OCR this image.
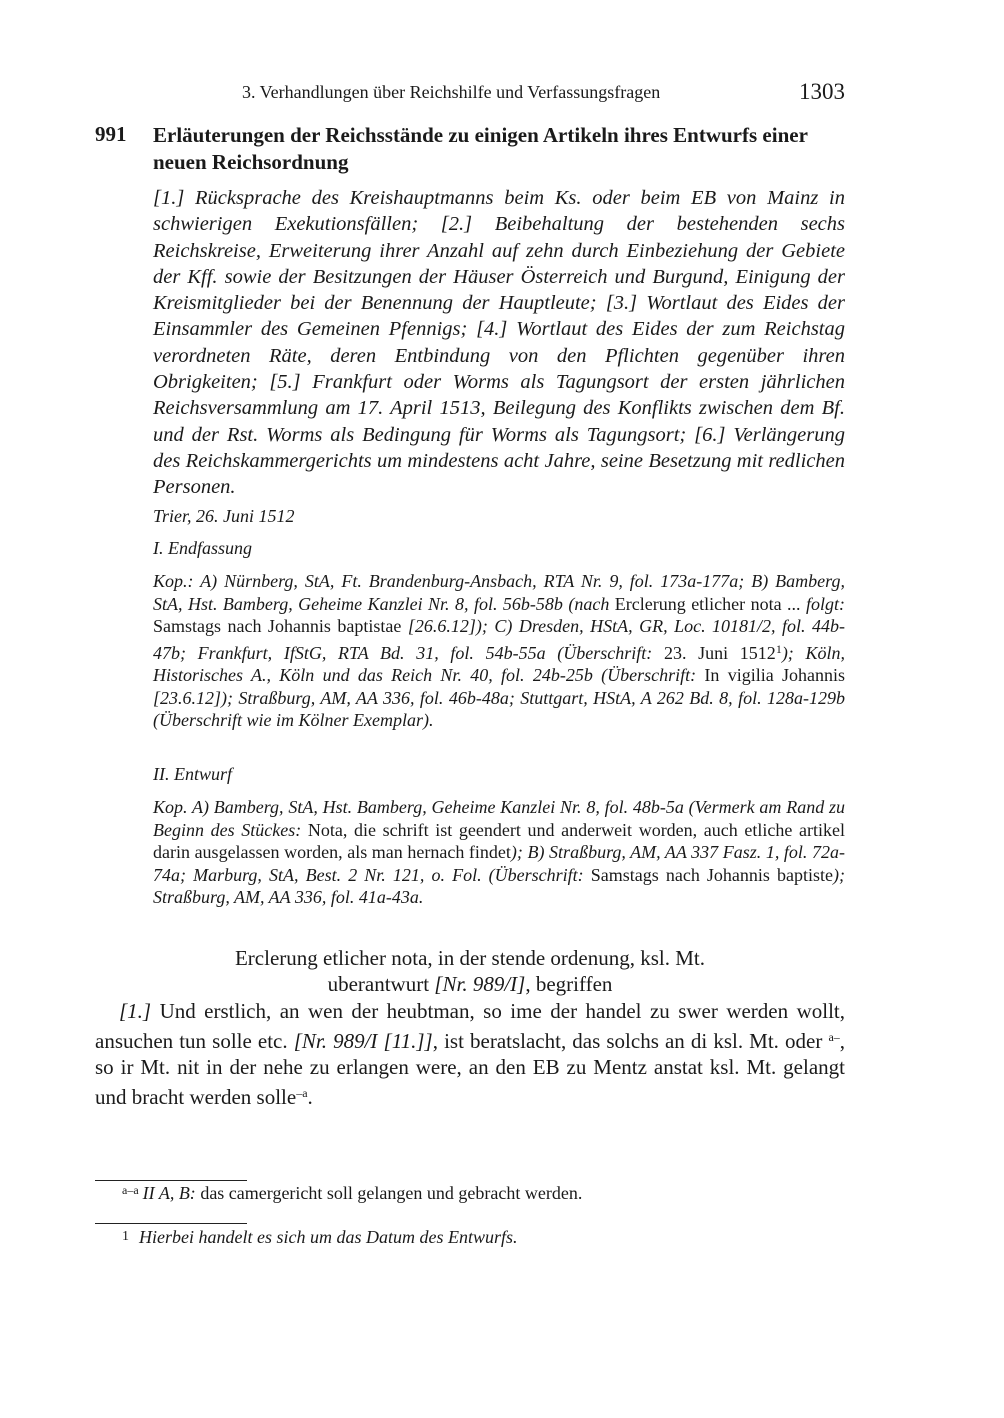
3. Verhandlungen über Reichshilfe und Verfassungsfragen	1303
991 Erläuterungen der Reichsstände zu einigen Artikeln ihres Entwurfs einer neuen Reichsordnung
[1.] Rücksprache des Kreishauptmanns beim Ks. oder beim EB von Mainz in schwierigen Exekutionsfällen; [2.] Beibehaltung der bestehenden sechs Reichskreise, Erweiterung ihrer Anzahl auf zehn durch Einbeziehung der Gebiete der Kff. sowie der Besitzungen der Häuser Österreich und Burgund, Einigung der Kreismitglieder bei der Benennung der Hauptleute; [3.] Wortlaut des Eides der Einsammler des Gemeinen Pfennigs; [4.] Wortlaut des Eides der zum Reichstag verordneten Räte, deren Entbindung von den Pflichten gegenüber ihren Obrigkeiten; [5.] Frankfurt oder Worms als Tagungsort der ersten jährlichen Reichsversammlung am 17. April 1513, Beilegung des Konflikts zwischen dem Bf. und der Rst. Worms als Bedingung für Worms als Tagungsort; [6.] Verlängerung des Reichskammergerichts um mindestens acht Jahre, seine Besetzung mit redlichen Personen.
Trier, 26. Juni 1512
I. Endfassung
Kop.: A) Nürnberg, StA, Ft. Brandenburg-Ansbach, RTA Nr. 9, fol. 173a-177a; B) Bamberg, StA, Hst. Bamberg, Geheime Kanzlei Nr. 8, fol. 56b-58b (nach Erclerung etlicher nota ... folgt: Samstags nach Johannis baptistae [26.6.12]); C) Dresden, HStA, GR, Loc. 10181/2, fol. 44b-47b; Frankfurt, IfStG, RTA Bd. 31, fol. 54b-55a (Überschrift: 23. Juni 1512$^1$); Köln, Historisches A., Köln und das Reich Nr. 40, fol. 24b-25b (Überschrift: In vigilia Johannis [23.6.12]); Straßburg, AM, AA 336, fol. 46b-48a; Stuttgart, HStA, A 262 Bd. 8, fol. 128a-129b (Überschrift wie im Kölner Exemplar).
II. Entwurf
Kop. A) Bamberg, StA, Hst. Bamberg, Geheime Kanzlei Nr. 8, fol. 48b-5a (Vermerk am Rand zu Beginn des Stückes: Nota, die schrift ist geendert und anderweit worden, auch etliche artikel darin ausgelassen worden, als man hernach findet); B) Straßburg, AM, AA 337 Fasz. 1, fol. 72a-74a; Marburg, StA, Best. 2 Nr. 121, o. Fol. (Überschrift: Samstags nach Johannis baptiste); Straßburg, AM, AA 336, fol. 41a-43a.
Erclerung etlicher nota, in der stende ordenung, ksl. Mt.
uberantwurt [Nr. 989/I], begriffen
[1.] Und erstlich, an wen der heubtman, so ime der handel zu swer werden wollt, ansuchen tun solle etc. [Nr. 989/I [11.]], ist beratslacht, das solchs an di ksl. Mt. oder $^{a-}$, so ir Mt. nit in der nehe zu erlangen were, an den EB zu Mentz anstat ksl. Mt. gelangt und bracht werden solle$^{-a}$.
$^{a-a}$ II A, B: das camergericht soll gelangen und gebracht werden.
1 Hierbei handelt es sich um das Datum des Entwurfs.
